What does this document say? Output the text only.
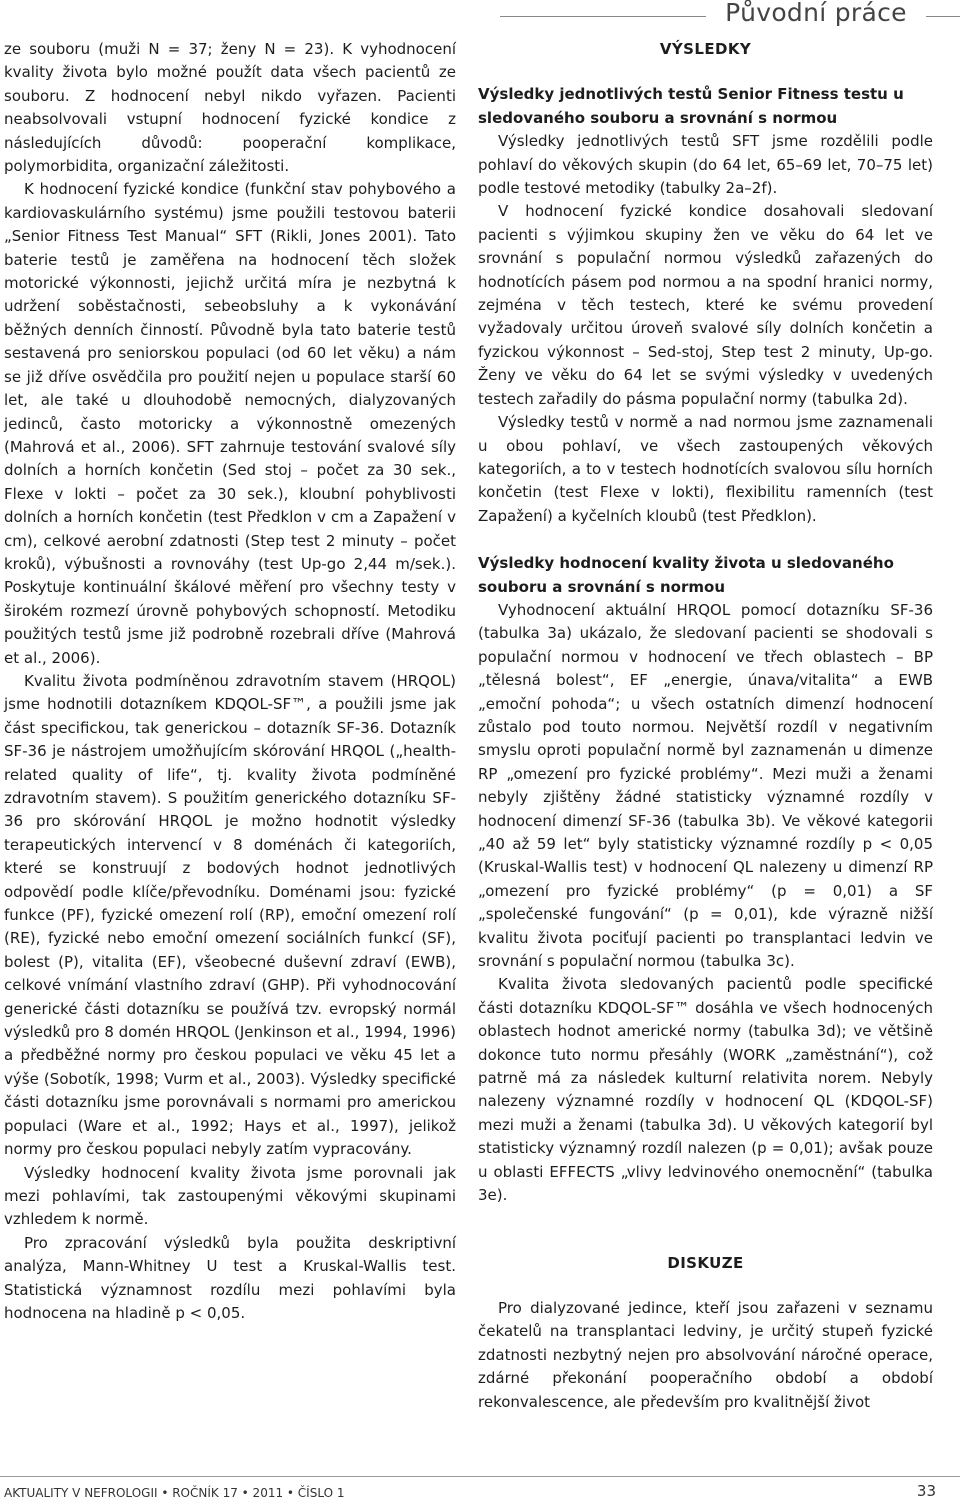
Původní práce

ze souboru (muži N = 37; ženy N = 23). K vyhodnocení kvality života bylo možné použít data všech pacientů ze souboru. Z hodnocení nebyl nikdo vyřazen. Pacienti neabsolvovali vstupní hodnocení fyzické kondice z následujících důvodů: pooperační komplikace, polymorbidita, organizační záležitosti.

K hodnocení fyzické kondice (funkční stav pohybového a kardiovaskulárního systému) jsme použili testovou baterii „Senior Fitness Test Manual“ SFT (Rikli, Jones 2001). Tato baterie testů je zaměřena na hodnocení těch složek motorické výkonnosti, jejichž určitá míra je nezbytná k udržení soběstačnosti, sebeobsluhy a k vykonávání běžných denních činností. Původně byla tato baterie testů sestavená pro seniorskou populaci (od 60 let věku) a nám se již dříve osvědčila pro použití nejen u populace starší 60 let, ale také u dlouhodobě nemocných, dialyzovaných jedinců, často motoricky a výkonnostně omezených (Mahrová et al., 2006). SFT zahrnuje testování svalové síly dolních a horních končetin (Sed stoj – počet za 30 sek., Flexe v lokti – počet za 30 sek.), kloubní pohyblivosti dolních a horních končetin (test Předklon v cm a Zapažení v cm), celkové aerobní zdatnosti (Step test 2 minuty – počet kroků), výbušnosti a rovnováhy (test Up-go 2,44 m/sek.). Poskytuje kontinuální škálové měření pro všechny testy v širokém rozmezí úrovně pohybových schopností. Metodiku použitých testů jsme již podrobně rozebrali dříve (Mahrová et al., 2006).

Kvalitu života podmíněnou zdravotním stavem (HRQOL) jsme hodnotili dotazníkem KDQOL-SF™, a použili jsme jak část specifickou, tak generickou – dotazník SF-36. Dotazník SF-36 je nástrojem umožňujícím skórování HRQOL („health-related quality of life“, tj. kvality života podmíněné zdravotním stavem). S použitím generického dotazníku SF-36 pro skórování HRQOL je možno hodnotit výsledky terapeutických intervencí v 8 doménách či kategoriích, které se konstruují z bodových hodnot jednotlivých odpovědí podle klíče/převodníku. Doménami jsou: fyzické funkce (PF), fyzické omezení rolí (RP), emoční omezení rolí (RE), fyzické nebo emoční omezení sociálních funkcí (SF), bolest (P), vitalita (EF), všeobecné duševní zdraví (EWB), celkové vnímání vlastního zdraví (GHP). Při vyhodnocování generické části dotazníku se používá tzv. evropský normál výsledků pro 8 domén HRQOL (Jenkinson et al., 1994, 1996) a předběžné normy pro českou populaci ve věku 45 let a výše (Sobotík, 1998; Vurm et al., 2003). Výsledky specifické části dotazníku jsme porovnávali s normami pro americkou populaci (Ware et al., 1992; Hays et al., 1997), jelikož normy pro českou populaci nebyly zatím vypracovány.

Výsledky hodnocení kvality života jsme porovnali jak mezi pohlavími, tak zastoupenými věkovými skupinami vzhledem k normě.

Pro zpracování výsledků byla použita deskriptivní analýza, Mann-Whitney U test a Kruskal-Wallis test. Statistická významnost rozdílu mezi pohlavími byla hodnocena na hladině p < 0,05.

VÝSLEDKY
Výsledky jednotlivých testů Senior Fitness testu u sledovaného souboru a srovnání s normou

Výsledky jednotlivých testů SFT jsme rozdělili podle pohlaví do věkových skupin (do 64 let, 65–69 let, 70–75 let) podle testové metodiky (tabulky 2a–2f).

V hodnocení fyzické kondice dosahovali sledovaní pacienti s výjimkou skupiny žen ve věku do 64 let ve srovnání s populační normou výsledků zařazených do hodnotících pásem pod normou a na spodní hranici normy, zejména v těch testech, které ke svému provedení vyžadovaly určitou úroveň svalové síly dolních končetin a fyzickou výkonnost – Sed-stoj, Step test 2 minuty, Up-go. Ženy ve věku do 64 let se svými výsledky v uvedených testech zařadily do pásma populační normy (tabulka 2d).

Výsledky testů v normě a nad normou jsme zaznamenali u obou pohlaví, ve všech zastoupených věkových kategoriích, a to v testech hodnotících svalovou sílu horních končetin (test Flexe v lokti), flexibilitu ramenních (test Zapažení) a kyčelních kloubů (test Předklon).

Výsledky hodnocení kvality života u sledovaného souboru a srovnání s normou

Vyhodnocení aktuální HRQOL pomocí dotazníku SF-36 (tabulka 3a) ukázalo, že sledovaní pacienti se shodovali s populační normou v hodnocení ve třech oblastech – BP „tělesná bolest“, EF „energie, únava/vitalita“ a EWB „emoční pohoda“; u všech ostatních dimenzí hodnocení zůstalo pod touto normou. Největší rozdíl v negativním smyslu oproti populační normě byl zaznamenán u dimenze RP „omezení pro fyzické problémy“. Mezi muži a ženami nebyly zjištěny žádné statisticky významné rozdíly v hodnocení dimenzí SF-36 (tabulka 3b). Ve věkové kategorii „40 až 59 let“ byly statisticky významné rozdíly p < 0,05 (Kruskal-Wallis test) v hodnocení QL nalezeny u dimenzí RP „omezení pro fyzické problémy“ (p = 0,01) a SF „společenské fungování“ (p = 0,01), kde výrazně nižší kvalitu života pociťují pacienti po transplantaci ledvin ve srovnání s populační normou (tabulka 3c).

Kvalita života sledovaných pacientů podle specifické části dotazníku KDQOL-SF™ dosáhla ve všech hodnocených oblastech hodnot americké normy (tabulka 3d); ve většině dokonce tuto normu přesáhly (WORK „zaměstnání“), což patrně má za následek kulturní relativita norem. Nebyly nalezeny významné rozdíly v hodnocení QL (KDQOL-SF) mezi muži a ženami (tabulka 3d). U věkových kategorií byl statisticky významný rozdíl nalezen (p = 0,01); avšak pouze u oblasti EFFECTS „vlivy ledvinového onemocnění“ (tabulka 3e).

DISKUZE

Pro dialyzované jedince, kteří jsou zařazeni v seznamu čekatelů na transplantaci ledviny, je určitý stupeň fyzické zdatnosti nezbytný nejen pro absolvování náročné operace, zdárné překonání pooperačního období a období rekonvalescence, ale především pro kvalitnější život

AKTUALITY V NEFROLOGII • ROČNÍK 17 • 2011 • ČÍSLO 1	33
